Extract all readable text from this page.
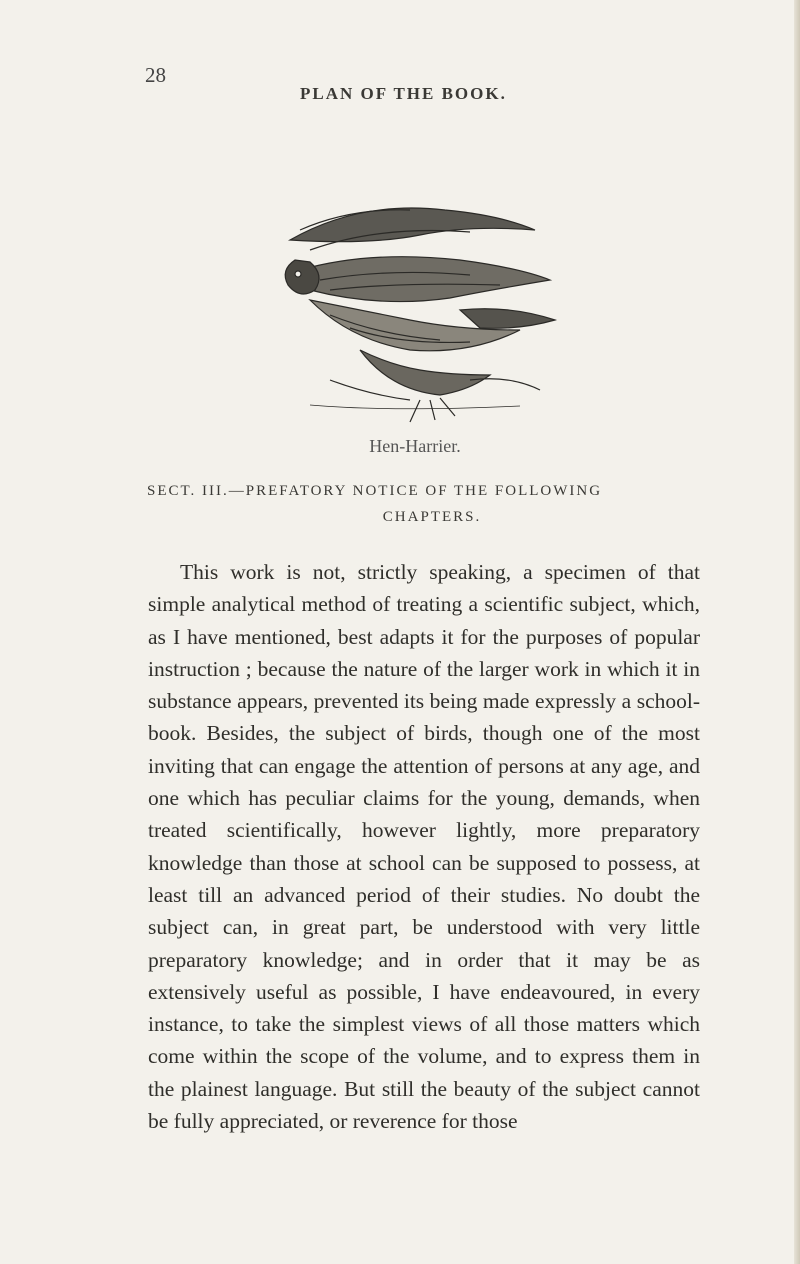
28
PLAN OF THE BOOK.
Hen-Harrier.
SECT. III.—PREFATORY NOTICE OF THE FOLLOWING
CHAPTERS.
This work is not, strictly speaking, a specimen of that simple analytical method of treating a scientific subject, which, as I have mentioned, best adapts it for the purposes of popular instruction ; because the nature of the larger work in which it in substance appears, prevented its being made expressly a school-book. Besides, the subject of birds, though one of the most inviting that can engage the attention of persons at any age, and one which has peculiar claims for the young, demands, when treated scientifically, however lightly, more preparatory knowledge than those at school can be supposed to possess, at least till an advanced period of their studies. No doubt the subject can, in great part, be understood with very little preparatory knowledge; and in order that it may be as extensively useful as possible, I have endeavoured, in every instance, to take the simplest views of all those matters which come within the scope of the volume, and to express them in the plainest language. But still the beauty of the subject cannot be fully appreciated, or reverence for those
